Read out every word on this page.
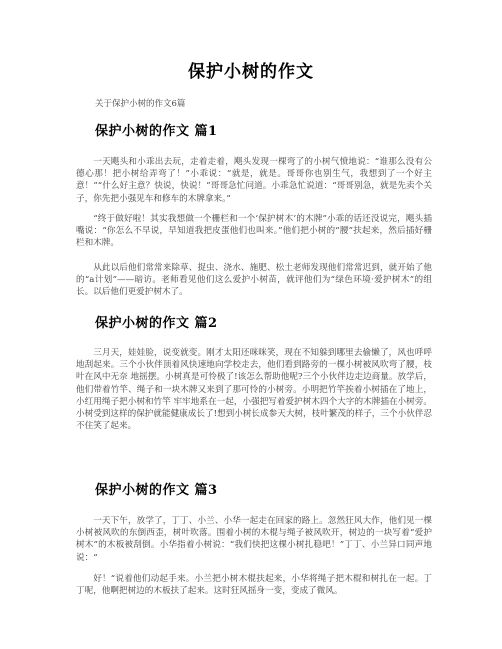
保护小树的作文
关于保护小树的作文6篇
保护小树的作文 篇1
一天飓头和小乖出去玩，走着走着，飓头发现一棵弯了的小树气愤地说：“谁那么没有公德心那！把小树给弄弯了！”小乖说：“就是，就是。哥哥你也别生气，我想到了一个好主意！”“什么好主意？快说，快说！”哥哥急忙问道。小乖急忙说道：“哥哥别急，就是先卖个关子，你先把小强见车和修车的木牌拿来。”
“终于做好啦！其实我想做一个栅栏和一个‘保护树木’的木牌”小乖的话还没说完，飓头插嘴说：“你怎么不早说，早知道我把皮蛋他们也叫来。”他们把小树的“腰”扶起来，然后插好栅栏和木牌。
从此以后他们常常来除草、捉虫、浇水、施肥、松土老师发现他们常常迟到，就开始了他的“a计划”——暗访。老师看见他们这么爱护小树苗，就评他们为“绿色环境·爱护树木”的组长。以后他们更爱护树木了。
保护小树的作文 篇2
三月天，娃娃脸，说变就变。刚才太阳还咪咪笑，现在不知躲到哪里去偷懒了，风也呼呼地刮起来。三个小伙伴顶着风快速地向学校走去，他们看到路旁的一棵小树被风吹弯了腰，枝叶在风中无奈 地摇摆。小树真是可怜极了!该怎么帮助他呢?三个小伙伴边走边商量。放学后，他们带着竹竿、绳子和一块木牌又来到了那可怜的小树旁。小明把竹竿挨着小树插在了地上，小红用绳子把小树和竹竿 牢牢地系在一起，小强把写着爱护树木四个大字的木牌插在小树旁。小树受到这样的保护就能健康成长了!想到小树长成参天大树，枝叶繁茂的样子，三个小伙伴忍不住笑了起来。
保护小树的作文 篇3
一天下午，放学了，丁丁、小兰、小华一起走在回家的路上。忽然狂风大作，他们见一棵小树被风吹的东倒西歪，树叶吹落。围着小树的木棍与绳子被风吹开，树边的一块写着“爱护树木”的木板被刮倒。小华指着小树说：“我们快把这棵小树扎稳吧！”丁丁、小兰异口同声地说：“
好！“说着他们动起手来。小兰把小树木棍扶起来，小华将绳子把木棍和树扎在一起。丁丁呢，他啊把树边的木板扶了起来。这时狂风摇身一变，变成了微风。
